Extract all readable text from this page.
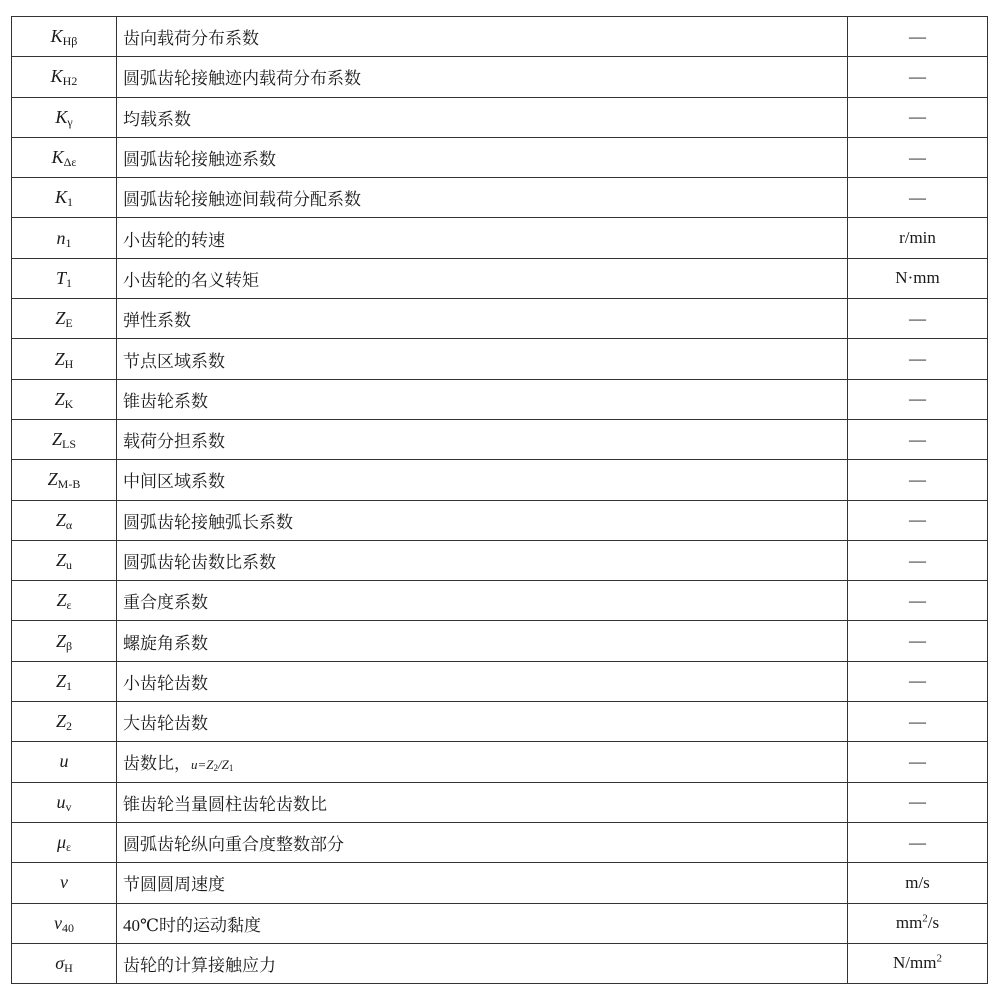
KHβ	齿向载荷分布系数	—
KH2	圆弧齿轮接触迹内载荷分布系数	—
Kγ	均载系数	—
KΔε	圆弧齿轮接触迹系数	—
K1	圆弧齿轮接触迹间载荷分配系数	—
n1	小齿轮的转速	r/min
T1	小齿轮的名义转矩	N·mm
ZE	弹性系数	—
ZH	节点区域系数	—
ZK	锥齿轮系数	—
ZLS	载荷分担系数	—
ZM-B	中间区域系数	—
Zα	圆弧齿轮接触弧长系数	—
Zu	圆弧齿轮齿数比系数	—
Zε	重合度系数	—
Zβ	螺旋角系数	—
Z1	小齿轮齿数	—
Z2	大齿轮齿数	—
u	齿数比，u=Z2/Z1	—
uv	锥齿轮当量圆柱齿轮齿数比	—
με	圆弧齿轮纵向重合度整数部分	—
v	节圆圆周速度	m/s
v40	40℃时的运动黏度	$mm^2/s$
σH	齿轮的计算接触应力	$N/mm^2$
